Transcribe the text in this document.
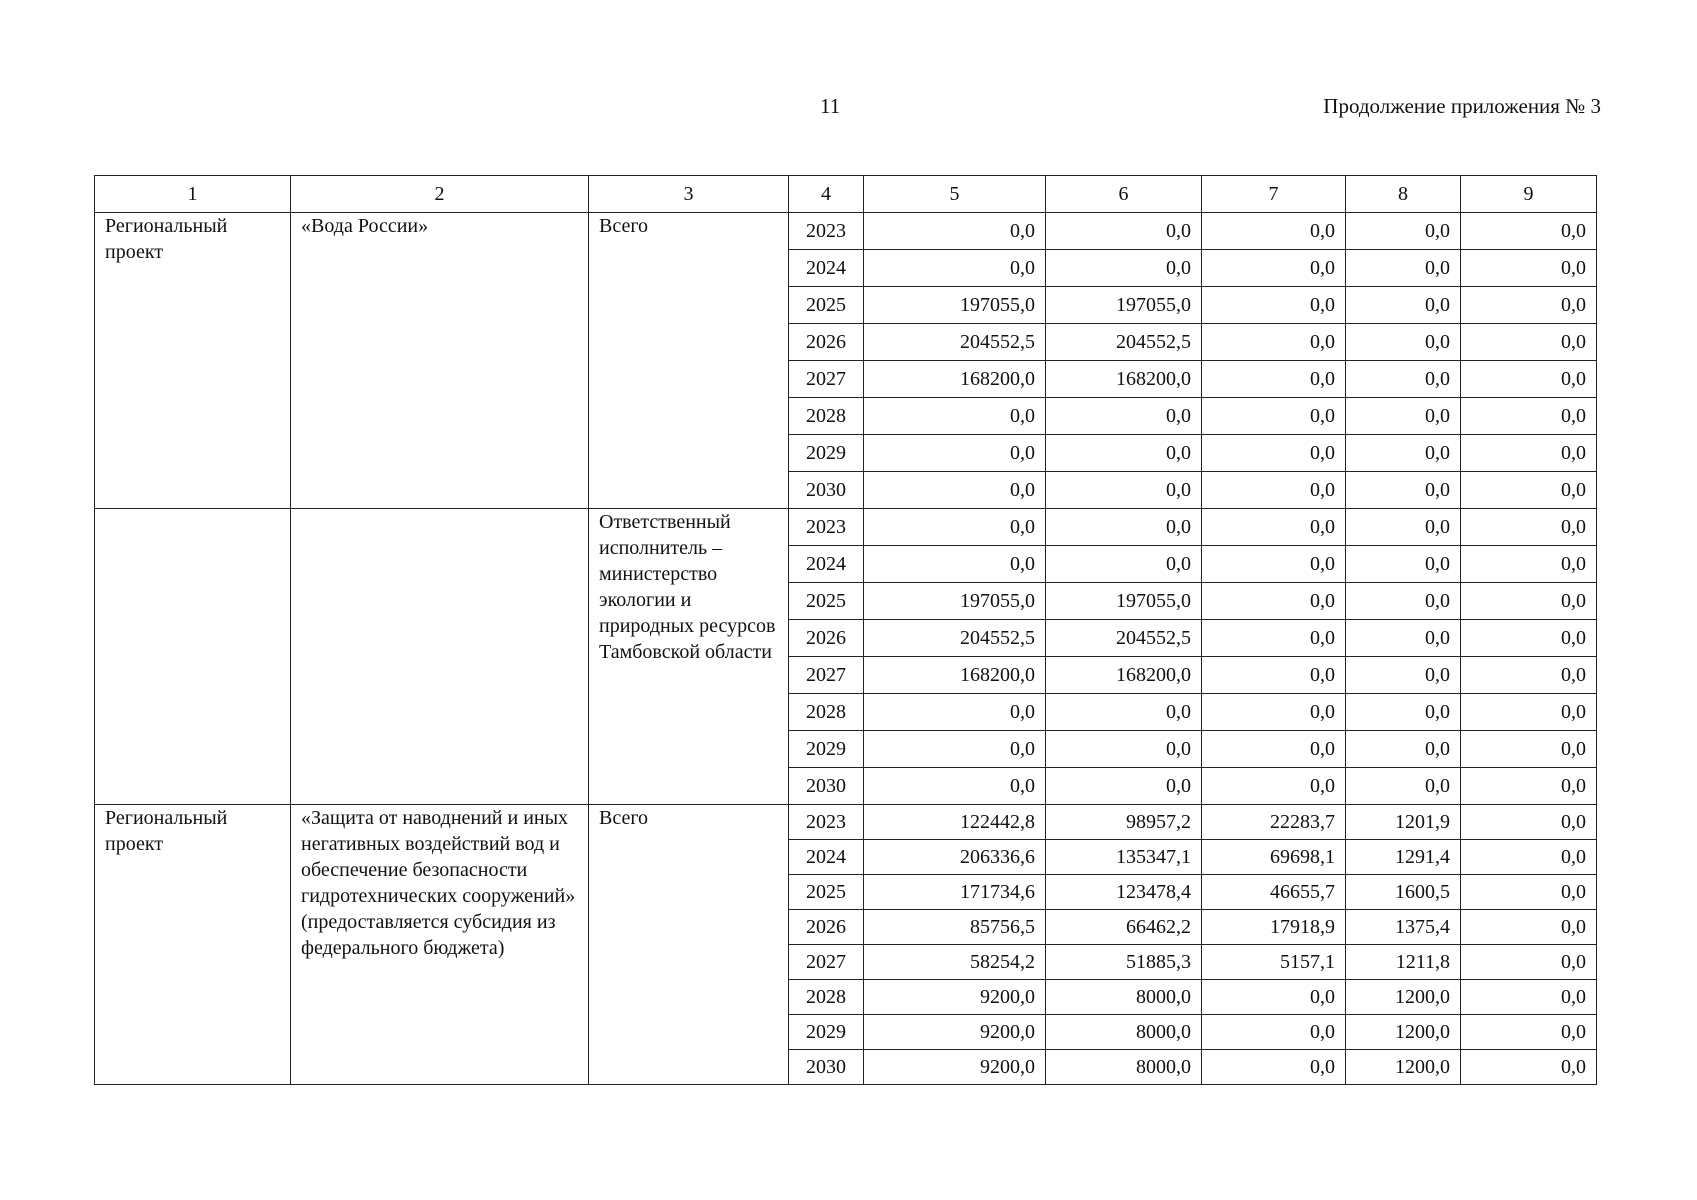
11	Продолжение приложения № 3
1	2	3	4	5	6	7	8	9
Региональный проект	«Вода России»	Всего	2023	0,0	0,0	0,0	0,0	0,0
			2024	0,0	0,0	0,0	0,0	0,0
			2025	197055,0	197055,0	0,0	0,0	0,0
			2026	204552,5	204552,5	0,0	0,0	0,0
			2027	168200,0	168200,0	0,0	0,0	0,0
			2028	0,0	0,0	0,0	0,0	0,0
			2029	0,0	0,0	0,0	0,0	0,0
			2030	0,0	0,0	0,0	0,0	0,0
		Ответственный исполнитель – министерство экологии и природных ресурсов Тамбовской области	2023	0,0	0,0	0,0	0,0	0,0
			2024	0,0	0,0	0,0	0,0	0,0
			2025	197055,0	197055,0	0,0	0,0	0,0
			2026	204552,5	204552,5	0,0	0,0	0,0
			2027	168200,0	168200,0	0,0	0,0	0,0
			2028	0,0	0,0	0,0	0,0	0,0
			2029	0,0	0,0	0,0	0,0	0,0
			2030	0,0	0,0	0,0	0,0	0,0
Региональный проект	«Защита от наводнений и иных негативных воздействий вод и обеспечение безопасности гидротехнических сооружений» (предоставляется субсидия из федерального бюджета)	Всего	2023	122442,8	98957,2	22283,7	1201,9	0,0
			2024	206336,6	135347,1	69698,1	1291,4	0,0
			2025	171734,6	123478,4	46655,7	1600,5	0,0
			2026	85756,5	66462,2	17918,9	1375,4	0,0
			2027	58254,2	51885,3	5157,1	1211,8	0,0
			2028	9200,0	8000,0	0,0	1200,0	0,0
			2029	9200,0	8000,0	0,0	1200,0	0,0
			2030	9200,0	8000,0	0,0	1200,0	0,0
